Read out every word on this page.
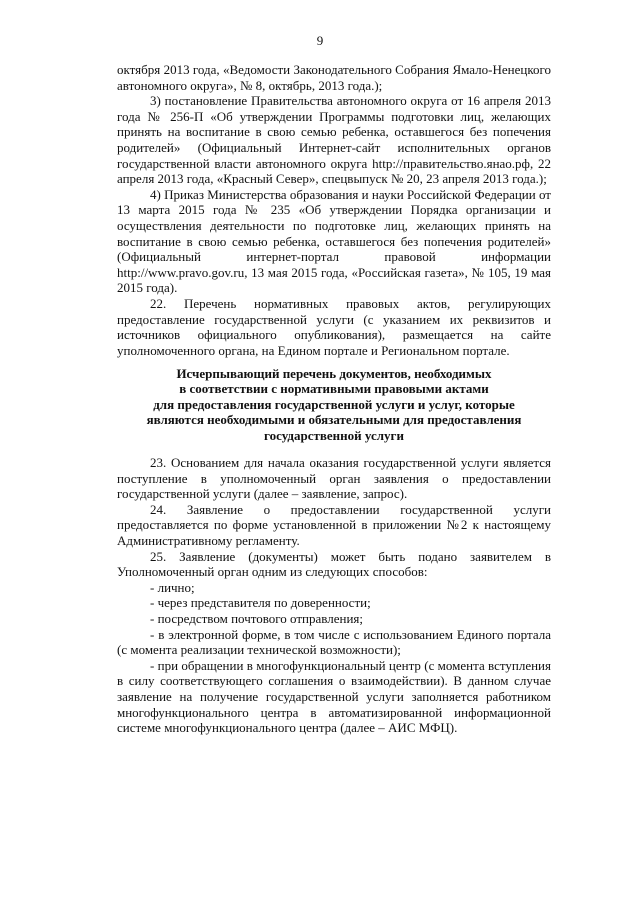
9

октября 2013 года, «Ведомости Законодательного Собрания Ямало-Ненецкого автономного округа», № 8, октябрь, 2013 года.);

3) постановление Правительства автономного округа от 16 апреля 2013 года № 256-П «Об утверждении Программы подготовки лиц, желающих принять на воспитание в свою семью ребенка, оставшегося без попечения родителей» (Официальный Интернет-сайт исполнительных органов государственной власти автономного округа http://правительство.янао.рф, 22 апреля 2013 года, «Красный Север», спецвыпуск № 20, 23 апреля 2013 года.);

4) Приказ Министерства образования и науки Российской Федерации от 13 марта 2015 года № 235 «Об утверждении Порядка организации и осуществления деятельности по подготовке лиц, желающих принять на воспитание в свою семью ребенка, оставшегося без попечения родителей» (Официальный интернет-портал правовой информации http://www.pravo.gov.ru, 13 мая 2015 года, «Российская газета», № 105, 19 мая 2015 года).

22. Перечень нормативных правовых актов, регулирующих предоставление государственной услуги (с указанием их реквизитов и источников официального опубликования), размещается на сайте уполномоченного органа, на Едином портале и Региональном портале.

Исчерпывающий перечень документов, необходимых
в соответствии с нормативными правовыми актами
для предоставления государственной услуги и услуг, которые
являются необходимыми и обязательными для предоставления
государственной услуги

23. Основанием для начала оказания государственной услуги является поступление в уполномоченный орган заявления о предоставлении государственной услуги (далее – заявление, запрос).

24. Заявление о предоставлении государственной услуги предоставляется по форме установленной в приложении №2 к настоящему Административному регламенту.

25. Заявление (документы) может быть подано заявителем в Уполномоченный орган одним из следующих способов:

- лично;

- через представителя по доверенности;

- посредством почтового отправления;

- в электронной форме, в том числе с использованием Единого портала (с момента реализации технической возможности);

- при обращении в многофункциональный центр (с момента вступления в силу соответствующего соглашения о взаимодействии). В данном случае заявление на получение государственной услуги заполняется работником многофункционального центра в автоматизированной информационной системе многофункционального центра (далее – АИС МФЦ).
